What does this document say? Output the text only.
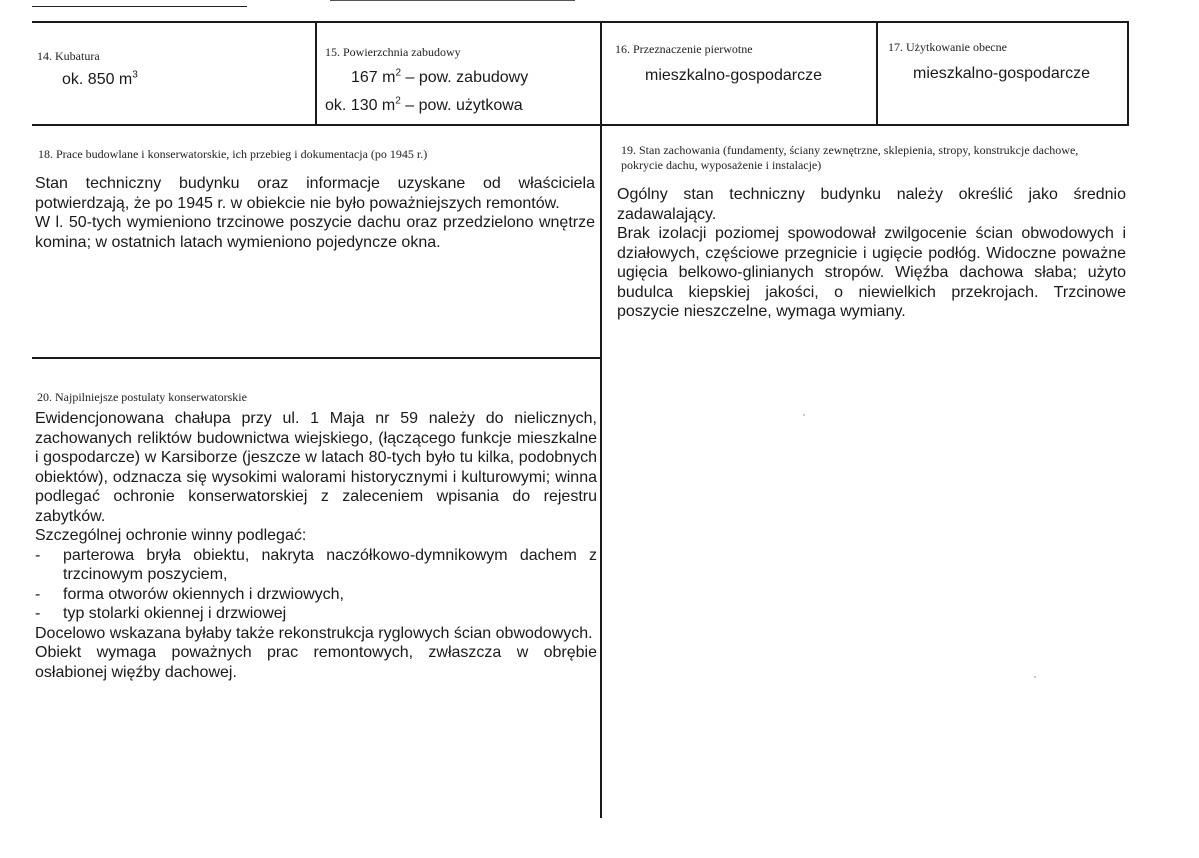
14. Kubatura
ok. 850 $m^3$
15. Powierzchnia zabudowy
167 $m^2$ – pow. zabudowy
ok. 130 $m^2$ – pow. użytkowa
16. Przeznaczenie pierwotne
mieszkalno-gospodarcze
17. Użytkowanie obecne
mieszkalno-gospodarcze
18. Prace budowlane i konserwatorskie, ich przebieg i dokumentacja (po 1945 r.)

Stan techniczny budynku oraz informacje uzyskane od właściciela potwierdzają, że po 1945 r. w obiekcie nie było poważniejszych remontów.

W l. 50-tych wymieniono trzcinowe poszycie dachu oraz przedzielono wnętrze komina; w ostatnich latach wymieniono pojedyncze okna.

19. Stan zachowania (fundamenty, ściany zewnętrzne, sklepienia, stropy, konstrukcje dachowe, pokrycie dachu, wyposażenie i instalacje)

Ogólny stan techniczny budynku należy określić jako średnio zadawalający.

Brak izolacji poziomej spowodował zwilgocenie ścian obwodowych i działowych, częściowe przegnicie i ugięcie podłóg. Widoczne poważne ugięcia belkowo-glinianych stropów. Więźba dachowa słaba; użyto budulca kiepskiej jakości, o niewielkich przekrojach. Trzcinowe poszycie nieszczelne, wymaga wymiany.

20. Najpilniejsze postulaty konserwatorskie

Ewidencjonowana chałupa przy ul. 1 Maja nr 59 należy do nielicznych, zachowanych reliktów budownictwa wiejskiego, (łączącego funkcje mieszkalne i gospodarcze) w Karsiborze (jeszcze w latach 80-tych było tu kilka, podobnych obiektów), odznacza się wysokimi walorami historycznymi i kulturowymi; winna podlegać ochronie konserwatorskiej z zaleceniem wpisania do rejestru zabytków.

Szczególnej ochronie winny podlegać:

- parterowa bryła obiektu, nakryta naczółkowo-dymnikowym dachem z trzcinowym poszyciem,

- forma otworów okiennych i drzwiowych,

- typ stolarki okiennej i drzwiowej

Docelowo wskazana byłaby także rekonstrukcja ryglowych ścian obwodowych.

Obiekt wymaga poważnych prac remontowych, zwłaszcza w obrębie osłabionej więźby dachowej.
